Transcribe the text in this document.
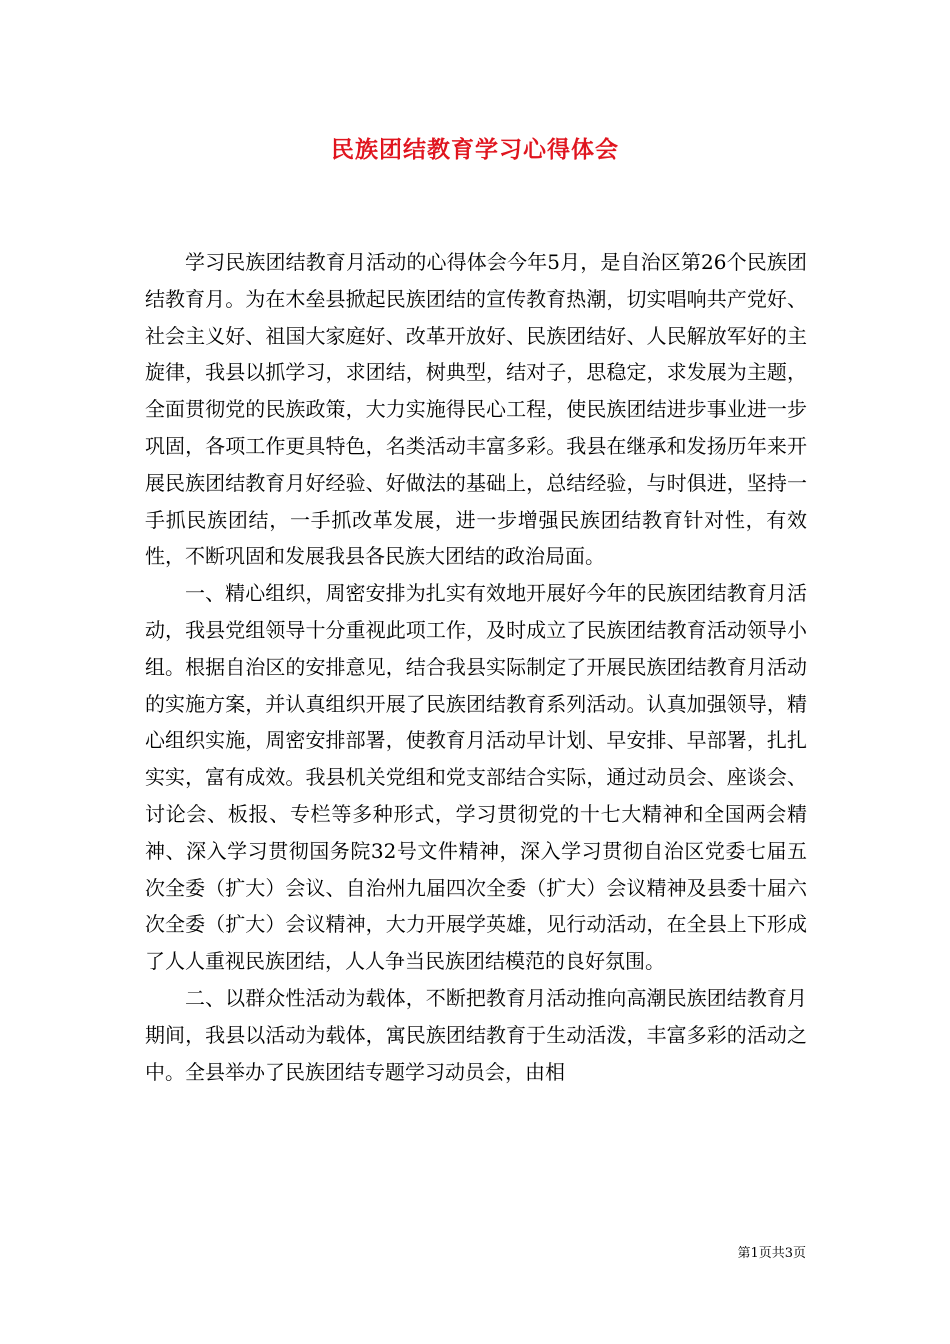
民族团结教育学习心得体会

学习民族团结教育月活动的心得体会今年5月，是自治区第26个民族团结教育月。为在木垒县掀起民族团结的宣传教育热潮，切实唱响共产党好、社会主义好、祖国大家庭好、改革开放好、民族团结好、人民解放军好的主旋律，我县以抓学习，求团结，树典型，结对子，思稳定，求发展为主题，全面贯彻党的民族政策，大力实施得民心工程，使民族团结进步事业进一步巩固，各项工作更具特色，名类活动丰富多彩。我县在继承和发扬历年来开展民族团结教育月好经验、好做法的基础上，总结经验，与时俱进，坚持一手抓民族团结，一手抓改革发展，进一步增强民族团结教育针对性，有效性，不断巩固和发展我县各民族大团结的政治局面。

一、精心组织，周密安排为扎实有效地开展好今年的民族团结教育月活动，我县党组领导十分重视此项工作，及时成立了民族团结教育活动领导小组。根据自治区的安排意见，结合我县实际制定了开展民族团结教育月活动的实施方案，并认真组织开展了民族团结教育系列活动。认真加强领导，精心组织实施，周密安排部署，使教育月活动早计划、早安排、早部署，扎扎实实，富有成效。我县机关党组和党支部结合实际，通过动员会、座谈会、讨论会、板报、专栏等多种形式，学习贯彻党的十七大精神和全国两会精神、深入学习贯彻国务院32号文件精神，深入学习贯彻自治区党委七届五次全委（扩大）会议、自治州九届四次全委（扩大）会议精神及县委十届六次全委（扩大）会议精神，大力开展学英雄，见行动活动，在全县上下形成了人人重视民族团结，人人争当民族团结模范的良好氛围。

二、以群众性活动为载体，不断把教育月活动推向高潮民族团结教育月期间，我县以活动为载体，寓民族团结教育于生动活泼，丰富多彩的活动之中。全县举办了民族团结专题学习动员会，由相

第1页共3页
